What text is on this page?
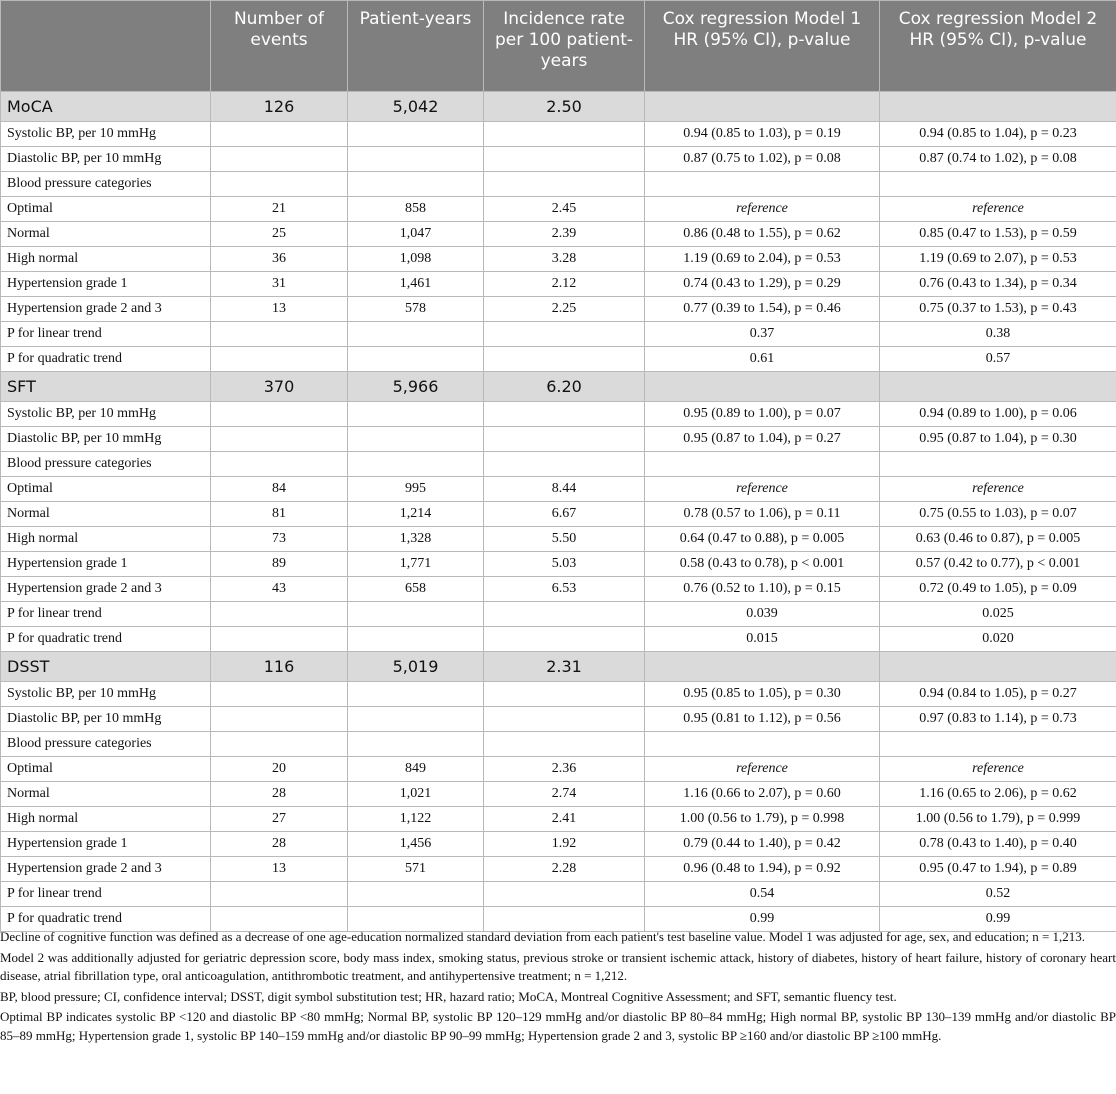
	Number of events	Patient-years	Incidence rate per 100 patient-years	Cox regression Model 1 HR (95% CI), p-value	Cox regression Model 2 HR (95% CI), p-value

MoCA	126	5,042	2.50		
Systolic BP, per 10 mmHg				0.94 (0.85 to 1.03), p = 0.19	0.94 (0.85 to 1.04), p = 0.23
Diastolic BP, per 10 mmHg				0.87 (0.75 to 1.02), p = 0.08	0.87 (0.74 to 1.02), p = 0.08
Blood pressure categories					
Optimal	21	858	2.45	reference	reference
Normal	25	1,047	2.39	0.86 (0.48 to 1.55), p = 0.62	0.85 (0.47 to 1.53), p = 0.59
High normal	36	1,098	3.28	1.19 (0.69 to 2.04), p = 0.53	1.19 (0.69 to 2.07), p = 0.53
Hypertension grade 1	31	1,461	2.12	0.74 (0.43 to 1.29), p = 0.29	0.76 (0.43 to 1.34), p = 0.34
Hypertension grade 2 and 3	13	578	2.25	0.77 (0.39 to 1.54), p = 0.46	0.75 (0.37 to 1.53), p = 0.43
P for linear trend				0.37	0.38
P for quadratic trend				0.61	0.57
SFT	370	5,966	6.20		
Systolic BP, per 10 mmHg				0.95 (0.89 to 1.00), p = 0.07	0.94 (0.89 to 1.00), p = 0.06
Diastolic BP, per 10 mmHg				0.95 (0.87 to 1.04), p = 0.27	0.95 (0.87 to 1.04), p = 0.30
Blood pressure categories					
Optimal	84	995	8.44	reference	reference
Normal	81	1,214	6.67	0.78 (0.57 to 1.06), p = 0.11	0.75 (0.55 to 1.03), p = 0.07
High normal	73	1,328	5.50	0.64 (0.47 to 0.88), p = 0.005	0.63 (0.46 to 0.87), p = 0.005
Hypertension grade 1	89	1,771	5.03	0.58 (0.43 to 0.78), p < 0.001	0.57 (0.42 to 0.77), p < 0.001
Hypertension grade 2 and 3	43	658	6.53	0.76 (0.52 to 1.10), p = 0.15	0.72 (0.49 to 1.05), p = 0.09
P for linear trend				0.039	0.025
P for quadratic trend				0.015	0.020
DSST	116	5,019	2.31		
Systolic BP, per 10 mmHg				0.95 (0.85 to 1.05), p = 0.30	0.94 (0.84 to 1.05), p = 0.27
Diastolic BP, per 10 mmHg				0.95 (0.81 to 1.12), p = 0.56	0.97 (0.83 to 1.14), p = 0.73
Blood pressure categories					
Optimal	20	849	2.36	reference	reference
Normal	28	1,021	2.74	1.16 (0.66 to 2.07), p = 0.60	1.16 (0.65 to 2.06), p = 0.62
High normal	27	1,122	2.41	1.00 (0.56 to 1.79), p = 0.998	1.00 (0.56 to 1.79), p = 0.999
Hypertension grade 1	28	1,456	1.92	0.79 (0.44 to 1.40), p = 0.42	0.78 (0.43 to 1.40), p = 0.40
Hypertension grade 2 and 3	13	571	2.28	0.96 (0.48 to 1.94), p = 0.92	0.95 (0.47 to 1.94), p = 0.89
P for linear trend				0.54	0.52
P for quadratic trend				0.99	0.99

Decline of cognitive function was defined as a decrease of one age-education normalized standard deviation from each patient's test baseline value. Model 1 was adjusted for age, sex, and education; n = 1,213.

Model 2 was additionally adjusted for geriatric depression score, body mass index, smoking status, previous stroke or transient ischemic attack, history of diabetes, history of heart failure, history of coronary heart disease, atrial fibrillation type, oral anticoagulation, antithrombotic treatment, and antihypertensive treatment; n = 1,212.

BP, blood pressure; CI, confidence interval; DSST, digit symbol substitution test; HR, hazard ratio; MoCA, Montreal Cognitive Assessment; and SFT, semantic fluency test.

Optimal BP indicates systolic BP <120 and diastolic BP <80 mmHg; Normal BP, systolic BP 120–129 mmHg and/or diastolic BP 80–84 mmHg; High normal BP, systolic BP 130–139 mmHg and/or diastolic BP 85–89 mmHg; Hypertension grade 1, systolic BP 140–159 mmHg and/or diastolic BP 90–99 mmHg; Hypertension grade 2 and 3, systolic BP ≥160 and/or diastolic BP ≥100 mmHg.
